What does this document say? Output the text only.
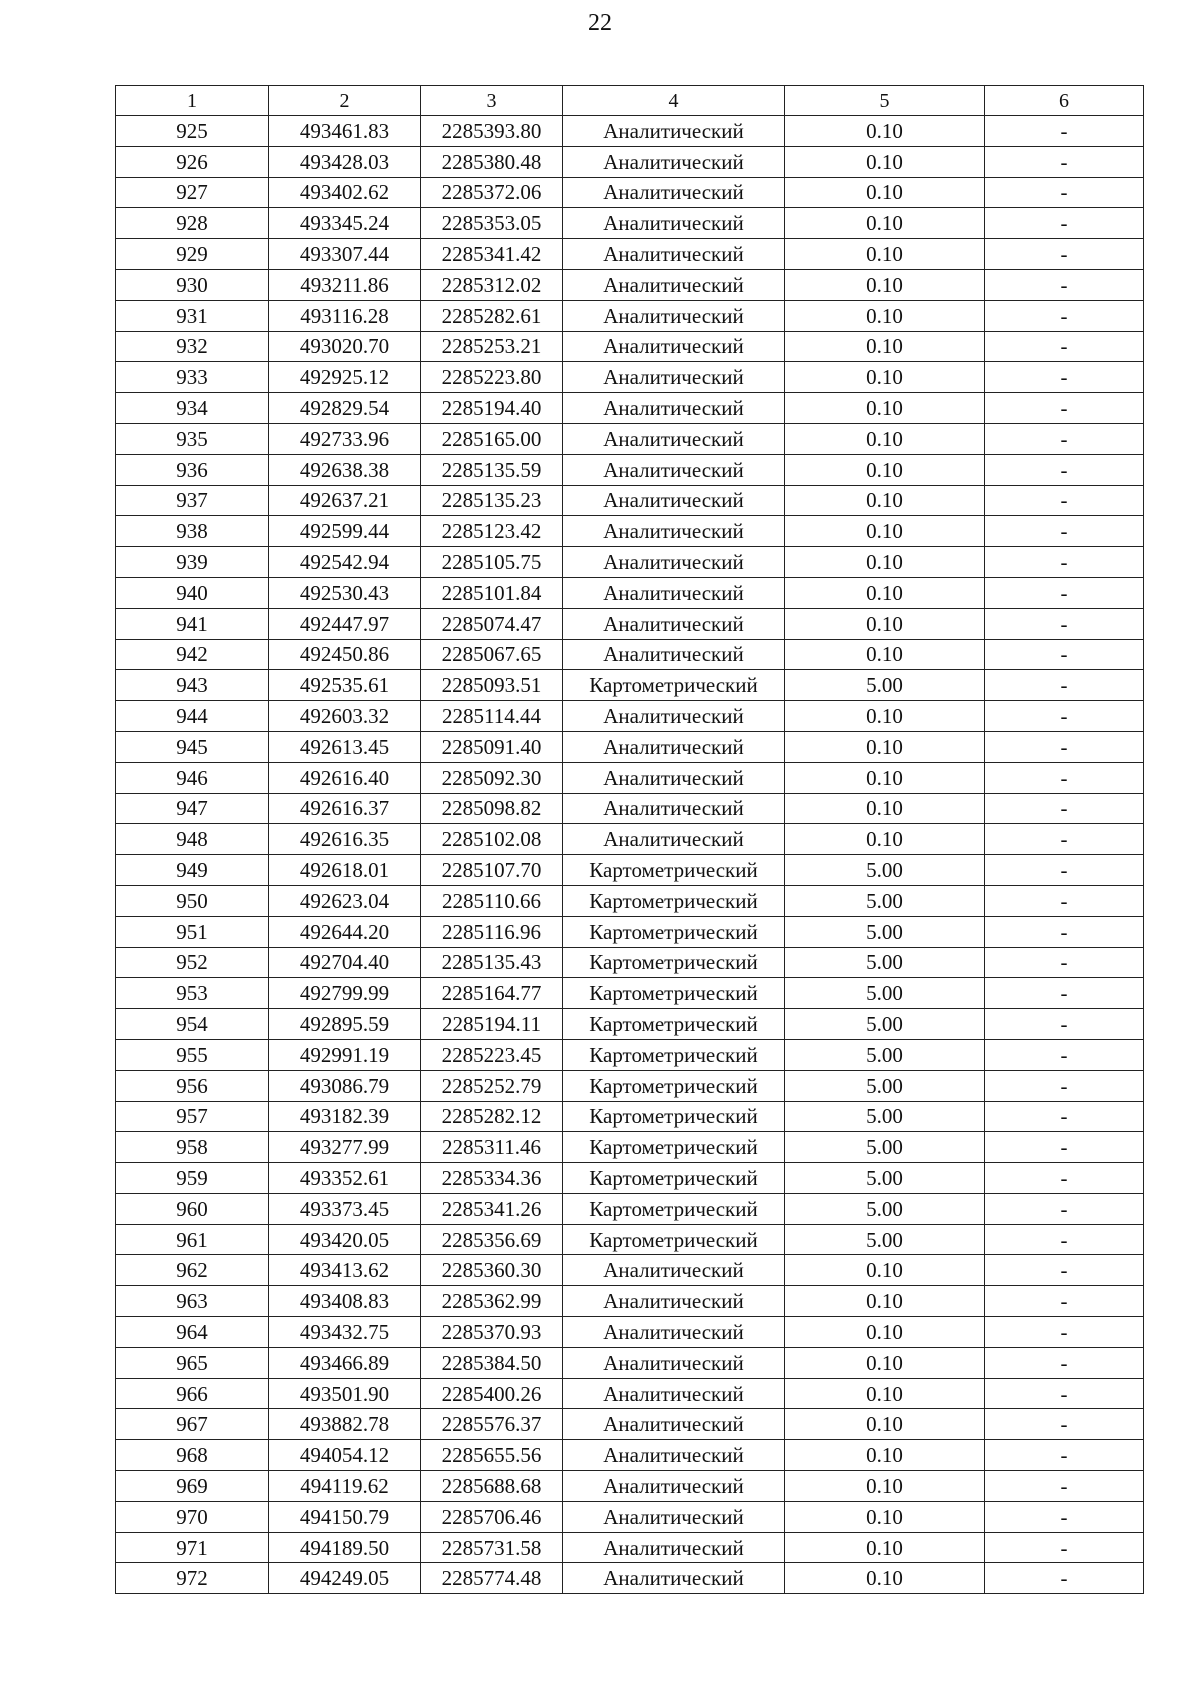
22
1	2	3	4	5	6
925	493461.83	2285393.80	Аналитический	0.10	-
926	493428.03	2285380.48	Аналитический	0.10	-
927	493402.62	2285372.06	Аналитический	0.10	-
928	493345.24	2285353.05	Аналитический	0.10	-
929	493307.44	2285341.42	Аналитический	0.10	-
930	493211.86	2285312.02	Аналитический	0.10	-
931	493116.28	2285282.61	Аналитический	0.10	-
932	493020.70	2285253.21	Аналитический	0.10	-
933	492925.12	2285223.80	Аналитический	0.10	-
934	492829.54	2285194.40	Аналитический	0.10	-
935	492733.96	2285165.00	Аналитический	0.10	-
936	492638.38	2285135.59	Аналитический	0.10	-
937	492637.21	2285135.23	Аналитический	0.10	-
938	492599.44	2285123.42	Аналитический	0.10	-
939	492542.94	2285105.75	Аналитический	0.10	-
940	492530.43	2285101.84	Аналитический	0.10	-
941	492447.97	2285074.47	Аналитический	0.10	-
942	492450.86	2285067.65	Аналитический	0.10	-
943	492535.61	2285093.51	Картометрический	5.00	-
944	492603.32	2285114.44	Аналитический	0.10	-
945	492613.45	2285091.40	Аналитический	0.10	-
946	492616.40	2285092.30	Аналитический	0.10	-
947	492616.37	2285098.82	Аналитический	0.10	-
948	492616.35	2285102.08	Аналитический	0.10	-
949	492618.01	2285107.70	Картометрический	5.00	-
950	492623.04	2285110.66	Картометрический	5.00	-
951	492644.20	2285116.96	Картометрический	5.00	-
952	492704.40	2285135.43	Картометрический	5.00	-
953	492799.99	2285164.77	Картометрический	5.00	-
954	492895.59	2285194.11	Картометрический	5.00	-
955	492991.19	2285223.45	Картометрический	5.00	-
956	493086.79	2285252.79	Картометрический	5.00	-
957	493182.39	2285282.12	Картометрический	5.00	-
958	493277.99	2285311.46	Картометрический	5.00	-
959	493352.61	2285334.36	Картометрический	5.00	-
960	493373.45	2285341.26	Картометрический	5.00	-
961	493420.05	2285356.69	Картометрический	5.00	-
962	493413.62	2285360.30	Аналитический	0.10	-
963	493408.83	2285362.99	Аналитический	0.10	-
964	493432.75	2285370.93	Аналитический	0.10	-
965	493466.89	2285384.50	Аналитический	0.10	-
966	493501.90	2285400.26	Аналитический	0.10	-
967	493882.78	2285576.37	Аналитический	0.10	-
968	494054.12	2285655.56	Аналитический	0.10	-
969	494119.62	2285688.68	Аналитический	0.10	-
970	494150.79	2285706.46	Аналитический	0.10	-
971	494189.50	2285731.58	Аналитический	0.10	-
972	494249.05	2285774.48	Аналитический	0.10	-
